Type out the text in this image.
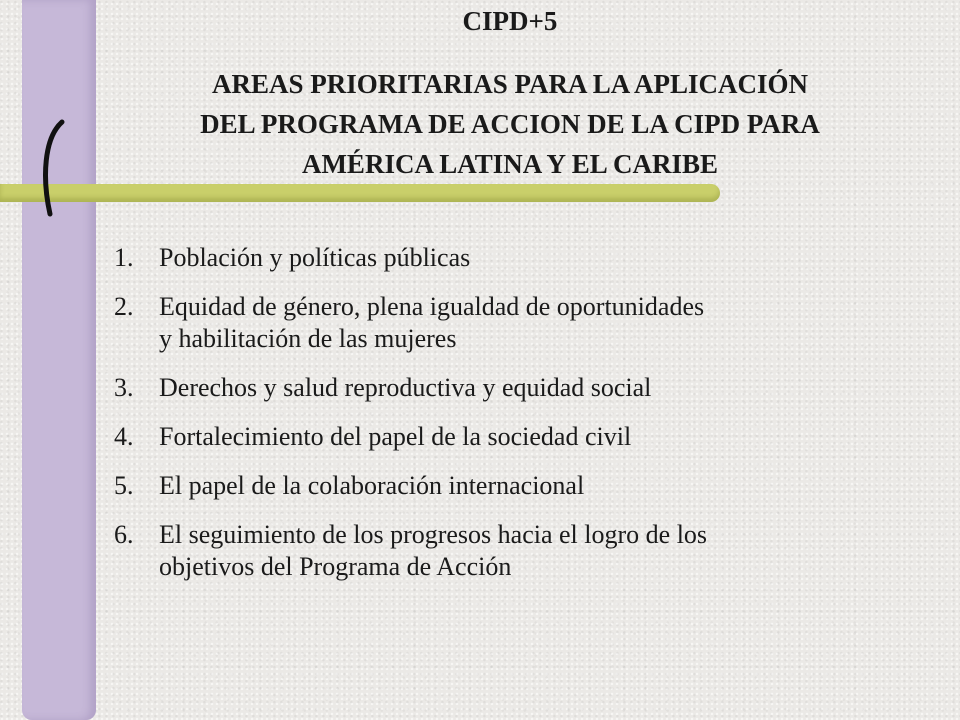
CIPD+5
AREAS PRIORITARIAS PARA LA APLICACIÓN
DEL PROGRAMA DE ACCION DE LA CIPD PARA
AMÉRICA LATINA Y EL CARIBE
1. Población y políticas públicas
2. Equidad de género, plena igualdad de oportunidades
y habilitación de las mujeres
3. Derechos y salud reproductiva y equidad social
4. Fortalecimiento del papel de la sociedad civil
5. El papel de la colaboración internacional
6. El seguimiento de los progresos hacia el logro de los
objetivos del Programa de Acción
